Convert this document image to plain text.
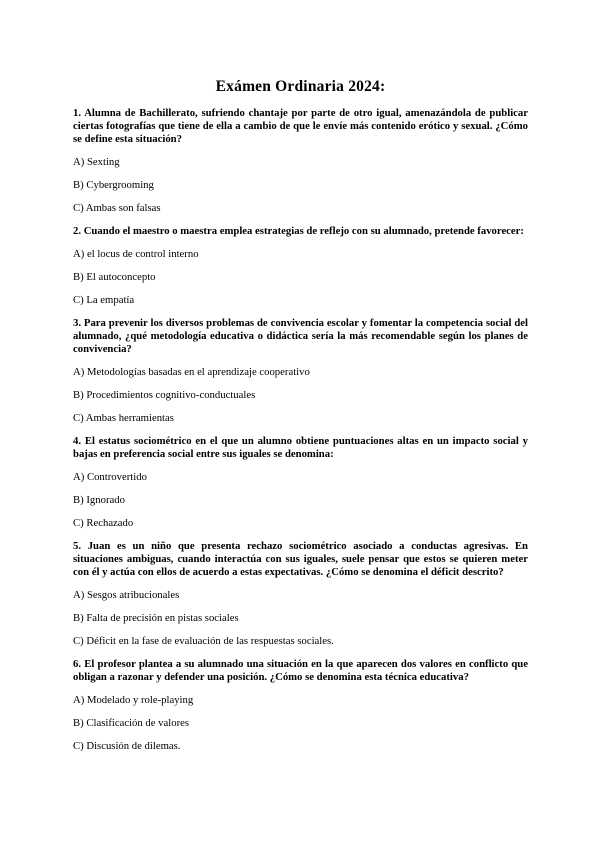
Exámen Ordinaria 2024:

1. Alumna de Bachillerato, sufriendo chantaje por parte de otro igual, amenazándola de publicar ciertas fotografías que tiene de ella a cambio de que le envíe más contenido erótico y sexual. ¿Cómo se define esta situación?

A) Sexting

B) Cybergrooming

C) Ambas son falsas

2. Cuando el maestro o maestra emplea estrategias de reflejo con su alumnado, pretende favorecer:

A) el locus de control interno

B) El autoconcepto

C) La empatía

3. Para prevenir los diversos problemas de convivencia escolar y fomentar la competencia social del alumnado, ¿qué metodología educativa o didáctica sería la más recomendable según los planes de convivencia?

A) Metodologías basadas en el aprendizaje cooperativo

B) Procedimientos cognitivo-conductuales

C) Ambas herramientas

4. El estatus sociométrico en el que un alumno obtiene puntuaciones altas en un impacto social y bajas en preferencia social entre sus iguales se denomina:

A) Controvertido

B) Ignorado

C) Rechazado

5. Juan es un niño que presenta rechazo sociométrico asociado a conductas agresivas. En situaciones ambiguas, cuando interactúa con sus iguales, suele pensar que estos se quieren meter con él y actúa con ellos de acuerdo a estas expectativas. ¿Cómo se denomina el déficit descrito?

A) Sesgos atribucionales

B) Falta de precisión en pistas sociales

C) Déficit en la fase de evaluación de las respuestas sociales.

6. El profesor plantea a su alumnado una situación en la que aparecen dos valores en conflicto que obligan a razonar y defender una posición. ¿Cómo se denomina esta técnica educativa?

A) Modelado y role-playing

B) Clasificación de valores

C) Discusión de dilemas.
